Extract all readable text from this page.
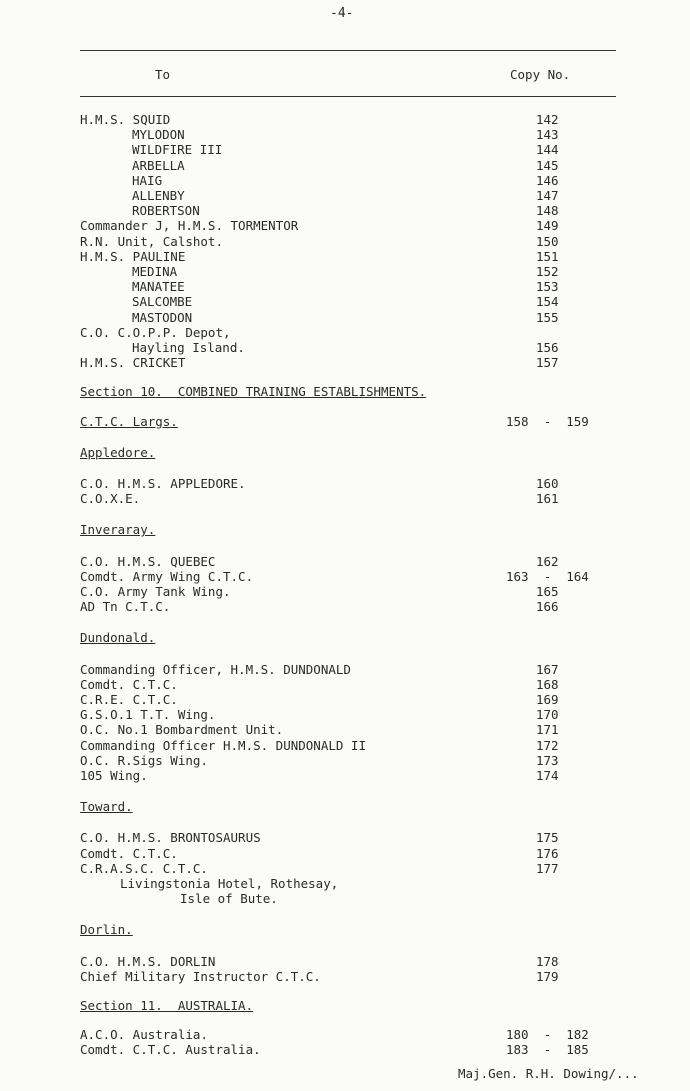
-4-
To	Copy No.
H.M.S. SQUID	142
MYLODON	143
WILDFIRE III	144
ARBELLA	145
HAIG	146
ALLENBY	147
ROBERTSON	148
Commander J, H.M.S. TORMENTOR	149
R.N. Unit, Calshot.	150
H.M.S. PAULINE	151
MEDINA	152
MANATEE	153
SALCOMBE	154
MASTODON	155
C.O. C.O.P.P. Depot,
Hayling Island.	156
H.M.S. CRICKET	157
Section 10.  COMBINED TRAINING ESTABLISHMENTS.
C.T.C. Largs.	158  -  159
Appledore.
C.O. H.M.S. APPLEDORE.	160
C.O.X.E.	161
Inveraray.
C.O. H.M.S. QUEBEC	162
Comdt. Army Wing C.T.C.	163  -  164
C.O. Army Tank Wing.	165
AD Tn C.T.C.	166
Dundonald.
Commanding Officer, H.M.S. DUNDONALD	167
Comdt. C.T.C.	168
C.R.E. C.T.C.	169
G.S.O.1 T.T. Wing.	170
O.C. No.1 Bombardment Unit.	171
Commanding Officer H.M.S. DUNDONALD II	172
O.C. R.Sigs Wing.	173
105 Wing.	174
Toward.
C.O. H.M.S. BRONTOSAURUS	175
Comdt. C.T.C.	176
C.R.A.S.C. C.T.C.	177
Livingstonia Hotel, Rothesay,
Isle of Bute.
Dorlin.
C.O. H.M.S. DORLIN	178
Chief Military Instructor C.T.C.	179
Section 11.  AUSTRALIA.
A.C.O. Australia.	180  -  182
Comdt. C.T.C. Australia.	183  -  185
Maj.Gen. R.H. Dowing/...
